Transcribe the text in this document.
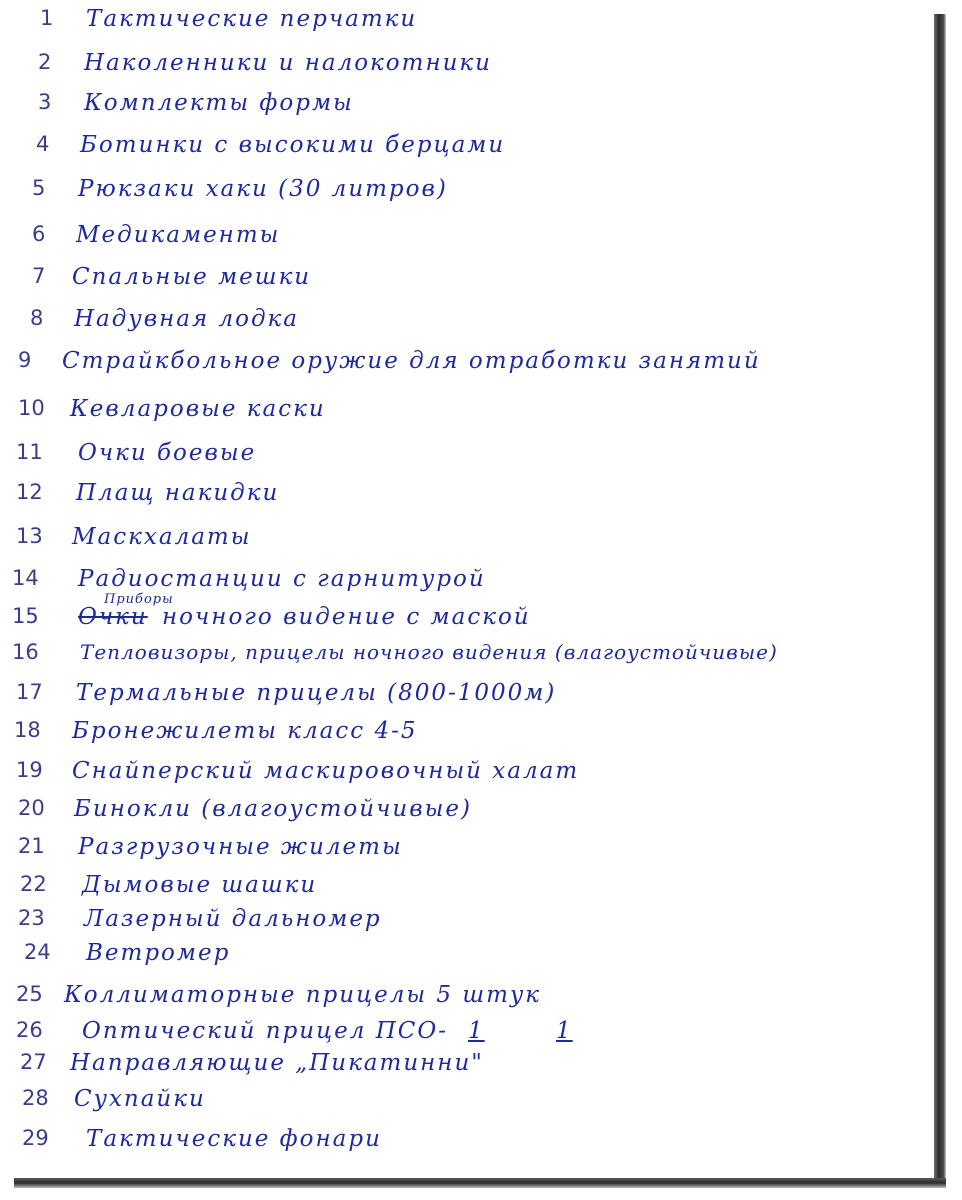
1 Тактические перчатки
2 Наколенники и налокотники
3 Комплекты формы
4 Ботинки с высокими берцами
5 Рюкзаки хаки (30 литров)
6 Медикаменты
7 Спальные мешки
8 Надувная лодка
9 Страйкбольное оружие для отработки занятий
10 Кевларовые каски
11 Очки боевые
12 Плащ накидки
13 Маскхалаты
14 Радиостанции с гарнитурой
15
Приборы
Очки ночного видение с маской
16 Тепловизоры, прицелы ночного видения (влагоустойчивые)
17 Термальные прицелы (800-1000м)
18 Бронежилеты класс 4-5
19 Снайперский маскировочный халат
20 Бинокли (влагоустойчивые)
21 Разгрузочные жилеты
22 Дымовые шашки
23 Лазерный дальномер
24 Ветромер
25 Коллиматорные прицелы 5 штук
26 Оптический прицел ПСО- 1	1
27 Направляющие „Пикатинни"
28 Сухпайки
29 Тактические фонари
